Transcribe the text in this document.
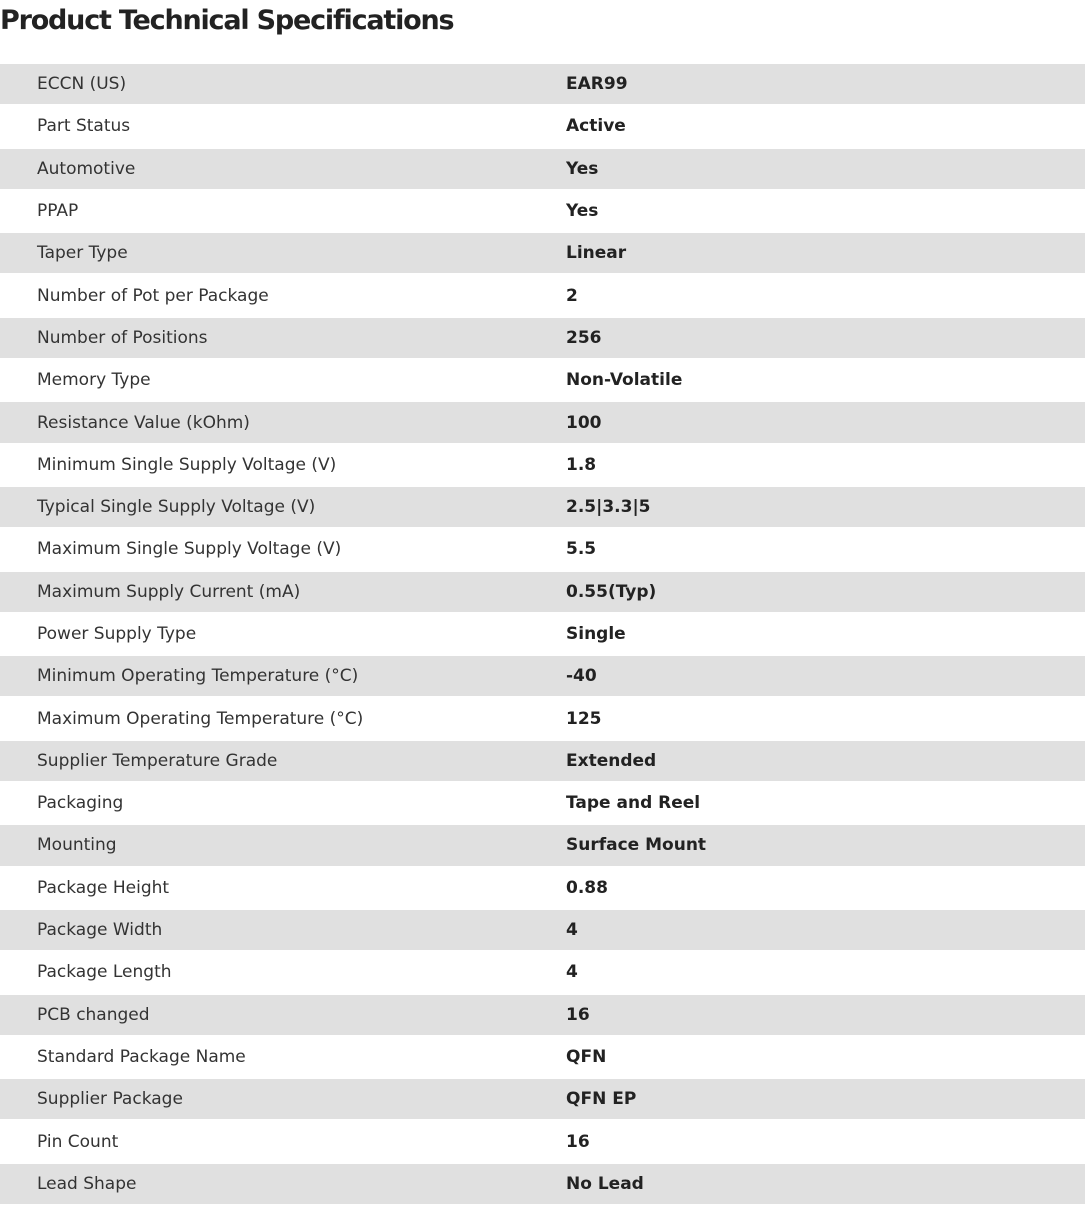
Product Technical Specifications
ECCN (US)	EAR99
Part Status	Active
Automotive	Yes
PPAP	Yes
Taper Type	Linear
Number of Pot per Package	2
Number of Positions	256
Memory Type	Non-Volatile
Resistance Value (kOhm)	100
Minimum Single Supply Voltage (V)	1.8
Typical Single Supply Voltage (V)	2.5|3.3|5
Maximum Single Supply Voltage (V)	5.5
Maximum Supply Current (mA)	0.55(Typ)
Power Supply Type	Single
Minimum Operating Temperature (°C)	-40
Maximum Operating Temperature (°C)	125
Supplier Temperature Grade	Extended
Packaging	Tape and Reel
Mounting	Surface Mount
Package Height	0.88
Package Width	4
Package Length	4
PCB changed	16
Standard Package Name	QFN
Supplier Package	QFN EP
Pin Count	16
Lead Shape	No Lead
